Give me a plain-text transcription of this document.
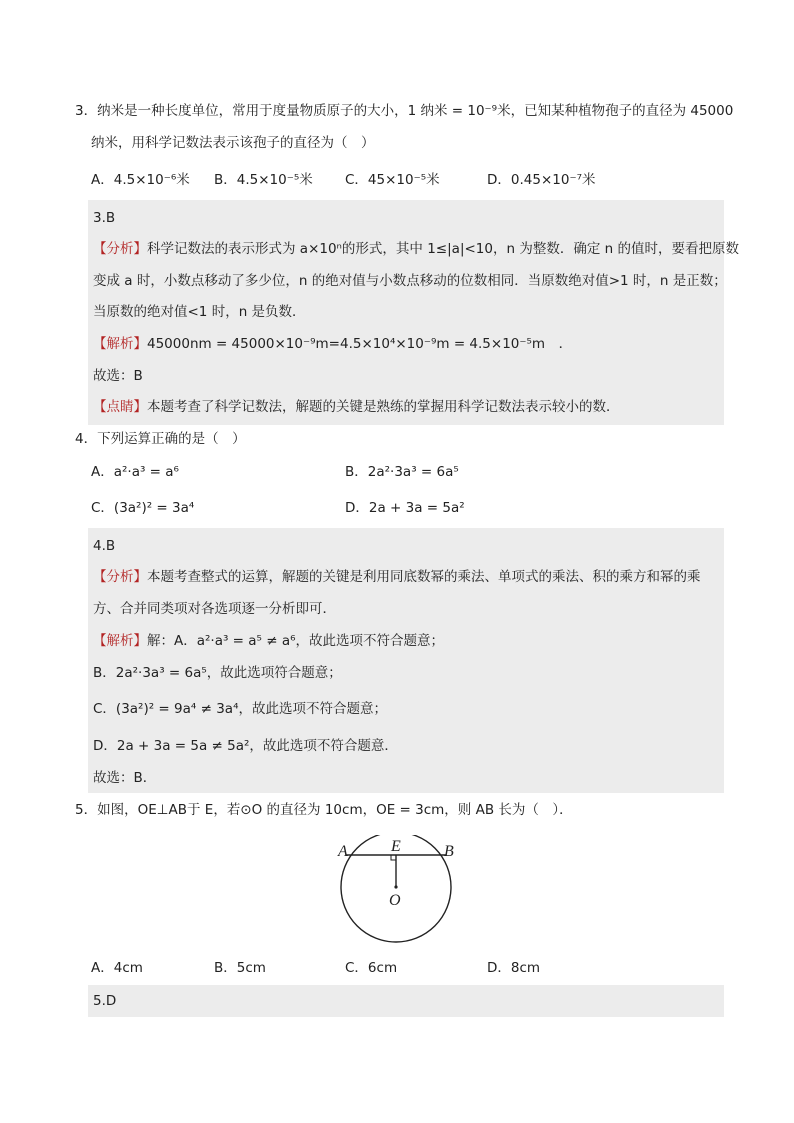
3．纳米是一种长度单位，常用于度量物质原子的大小，1 纳米 = 10⁻⁹米，已知某种植物孢子的直径为 45000
纳米，用科学记数法表示该孢子的直径为（　）
A．4.5×10⁻⁶米 B．4.5×10⁻⁵米 C．45×10⁻⁵米	D．0.45×10⁻⁷米
3.B
【分析】科学记数法的表示形式为 a×10ⁿ的形式，其中 1≤|a|<10，n 为整数．确定 n 的值时，要看把原数
变成 a 时，小数点移动了多少位，n 的绝对值与小数点移动的位数相同．当原数绝对值>1 时，n 是正数；
当原数的绝对值<1 时，n 是负数．
【解析】45000nm = 45000×10⁻⁹m=4.5×10⁴×10⁻⁹m = 4.5×10⁻⁵m　．
故选：B
【点睛】本题考查了科学记数法，解题的关键是熟练的掌握用科学记数法表示较小的数．
4．下列运算正确的是（　）
A．a²·a³ = a⁶	B．2a²·3a³ = 6a⁵
C．(3a²)² = 3a⁴	D．2a + 3a = 5a²
4.B
【分析】本题考查整式的运算，解题的关键是利用同底数幂的乘法、单项式的乘法、积的乘方和幂的乘
方、合并同类项对各选项逐一分析即可．
【解析】解：A．a²·a³ = a⁵ ≠ a⁶，故此选项不符合题意；
B．2a²·3a³ = 6a⁵，故此选项符合题意；
C．(3a²)² = 9a⁴ ≠ 3a⁴，故此选项不符合题意；
D．2a + 3a = 5a ≠ 5a²，故此选项不符合题意．
故选：B．
5．如图，OE⊥AB于 E，若⊙O 的直径为 10cm，OE = 3cm，则 AB 长为（　）．
A	B
E
O
A．4cm	B．5cm	C．6cm	D．8cm
5.D
